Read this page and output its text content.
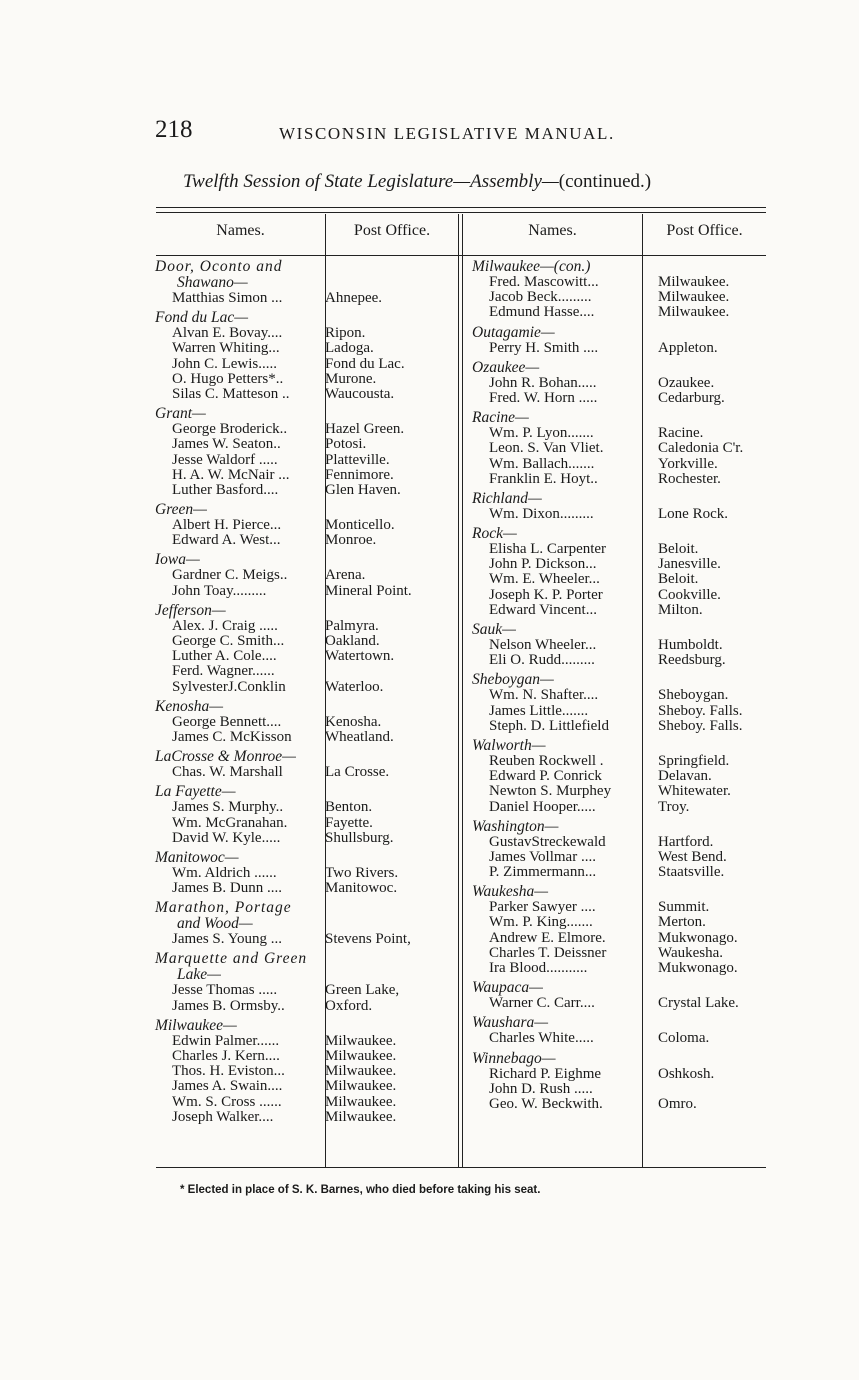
218	WISCONSIN LEGISLATIVE MANUAL.
Twelfth Session of State Legislature—Assembly—(continued.)
Names.	Post Office.	Names.	Post Office.
Door, Oconto and
Shawano—
Matthias Simon ...	Ahnepee.
Fond du Lac—
Alvan E. Bovay....	Ripon.
Warren Whiting...	Ladoga.
John C. Lewis.....	Fond du Lac.
O. Hugo Petters*..	Murone.
Silas C. Matteson ..	Waucousta.
Grant—
George Broderick..	Hazel Green.
James W. Seaton..	Potosi.
Jesse Waldorf .....	Platteville.
H. A. W. McNair ...	Fennimore.
Luther Basford....	Glen Haven.
Green—
Albert H. Pierce...	Monticello.
Edward A. West...	Monroe.
Iowa—
Gardner C. Meigs..	Arena.
John Toay.........	Mineral Point.
Jefferson—
Alex. J. Craig .....	Palmyra.
George C. Smith...	Oakland.
Luther A. Cole....	Watertown.
Ferd. Wagner......
SylvesterJ.Conklin	Waterloo.
Kenosha—
George Bennett....	Kenosha.
James C. McKisson	Wheatland.
LaCrosse & Monroe—
Chas. W. Marshall	La Crosse.
La Fayette—
James S. Murphy..	Benton.
Wm. McGranahan.	Fayette.
David W. Kyle.....	Shullsburg.
Manitowoc—
Wm. Aldrich ......	Two Rivers.
James B. Dunn ....	Manitowoc.
Marathon, Portage
and Wood—
James S. Young ...	Stevens Point,
Marquette and Green
Lake—
Jesse Thomas .....	Green Lake,
James B. Ormsby..	Oxford.
Milwaukee—
Edwin Palmer......	Milwaukee.
Charles J. Kern....	Milwaukee.
Thos. H. Eviston...	Milwaukee.
James A. Swain....	Milwaukee.
Wm. S. Cross ......	Milwaukee.
Joseph Walker....	Milwaukee.
Milwaukee—(con.)
Fred. Mascowitt...	Milwaukee.
Jacob Beck.........	Milwaukee.
Edmund Hasse....	Milwaukee.
Outagamie—
Perry H. Smith ....	Appleton.
Ozaukee—
John R. Bohan.....	Ozaukee.
Fred. W. Horn .....	Cedarburg.
Racine—
Wm. P. Lyon.......	Racine.
Leon. S. Van Vliet.	Caledonia C'r.
Wm. Ballach.......	Yorkville.
Franklin E. Hoyt..	Rochester.
Richland—
Wm. Dixon.........	Lone Rock.
Rock—
Elisha L. Carpenter	Beloit.
John P. Dickson...	Janesville.
Wm. E. Wheeler...	Beloit.
Joseph K. P. Porter	Cookville.
Edward Vincent...	Milton.
Sauk—
Nelson Wheeler...	Humboldt.
Eli O. Rudd.........	Reedsburg.
Sheboygan—
Wm. N. Shafter....	Sheboygan.
James Little.......	Sheboy. Falls.
Steph. D. Littlefield	Sheboy. Falls.
Walworth—
Reuben Rockwell .	Springfield.
Edward P. Conrick	Delavan.
Newton S. Murphey	Whitewater.
Daniel Hooper.....	Troy.
Washington—
GustavStreckewald	Hartford.
James Vollmar ....	West Bend.
P. Zimmermann...	Staatsville.
Waukesha—
Parker Sawyer ....	Summit.
Wm. P. King.......	Merton.
Andrew E. Elmore.	Mukwonago.
Charles T. Deissner	Waukesha.
Ira Blood...........	Mukwonago.
Waupaca—
Warner C. Carr....	Crystal Lake.
Waushara—
Charles White.....	Coloma.
Winnebago—
Richard P. Eighme	Oshkosh.
John D. Rush .....
Geo. W. Beckwith.	Omro.
* Elected in place of S. K. Barnes, who died before taking his seat.
